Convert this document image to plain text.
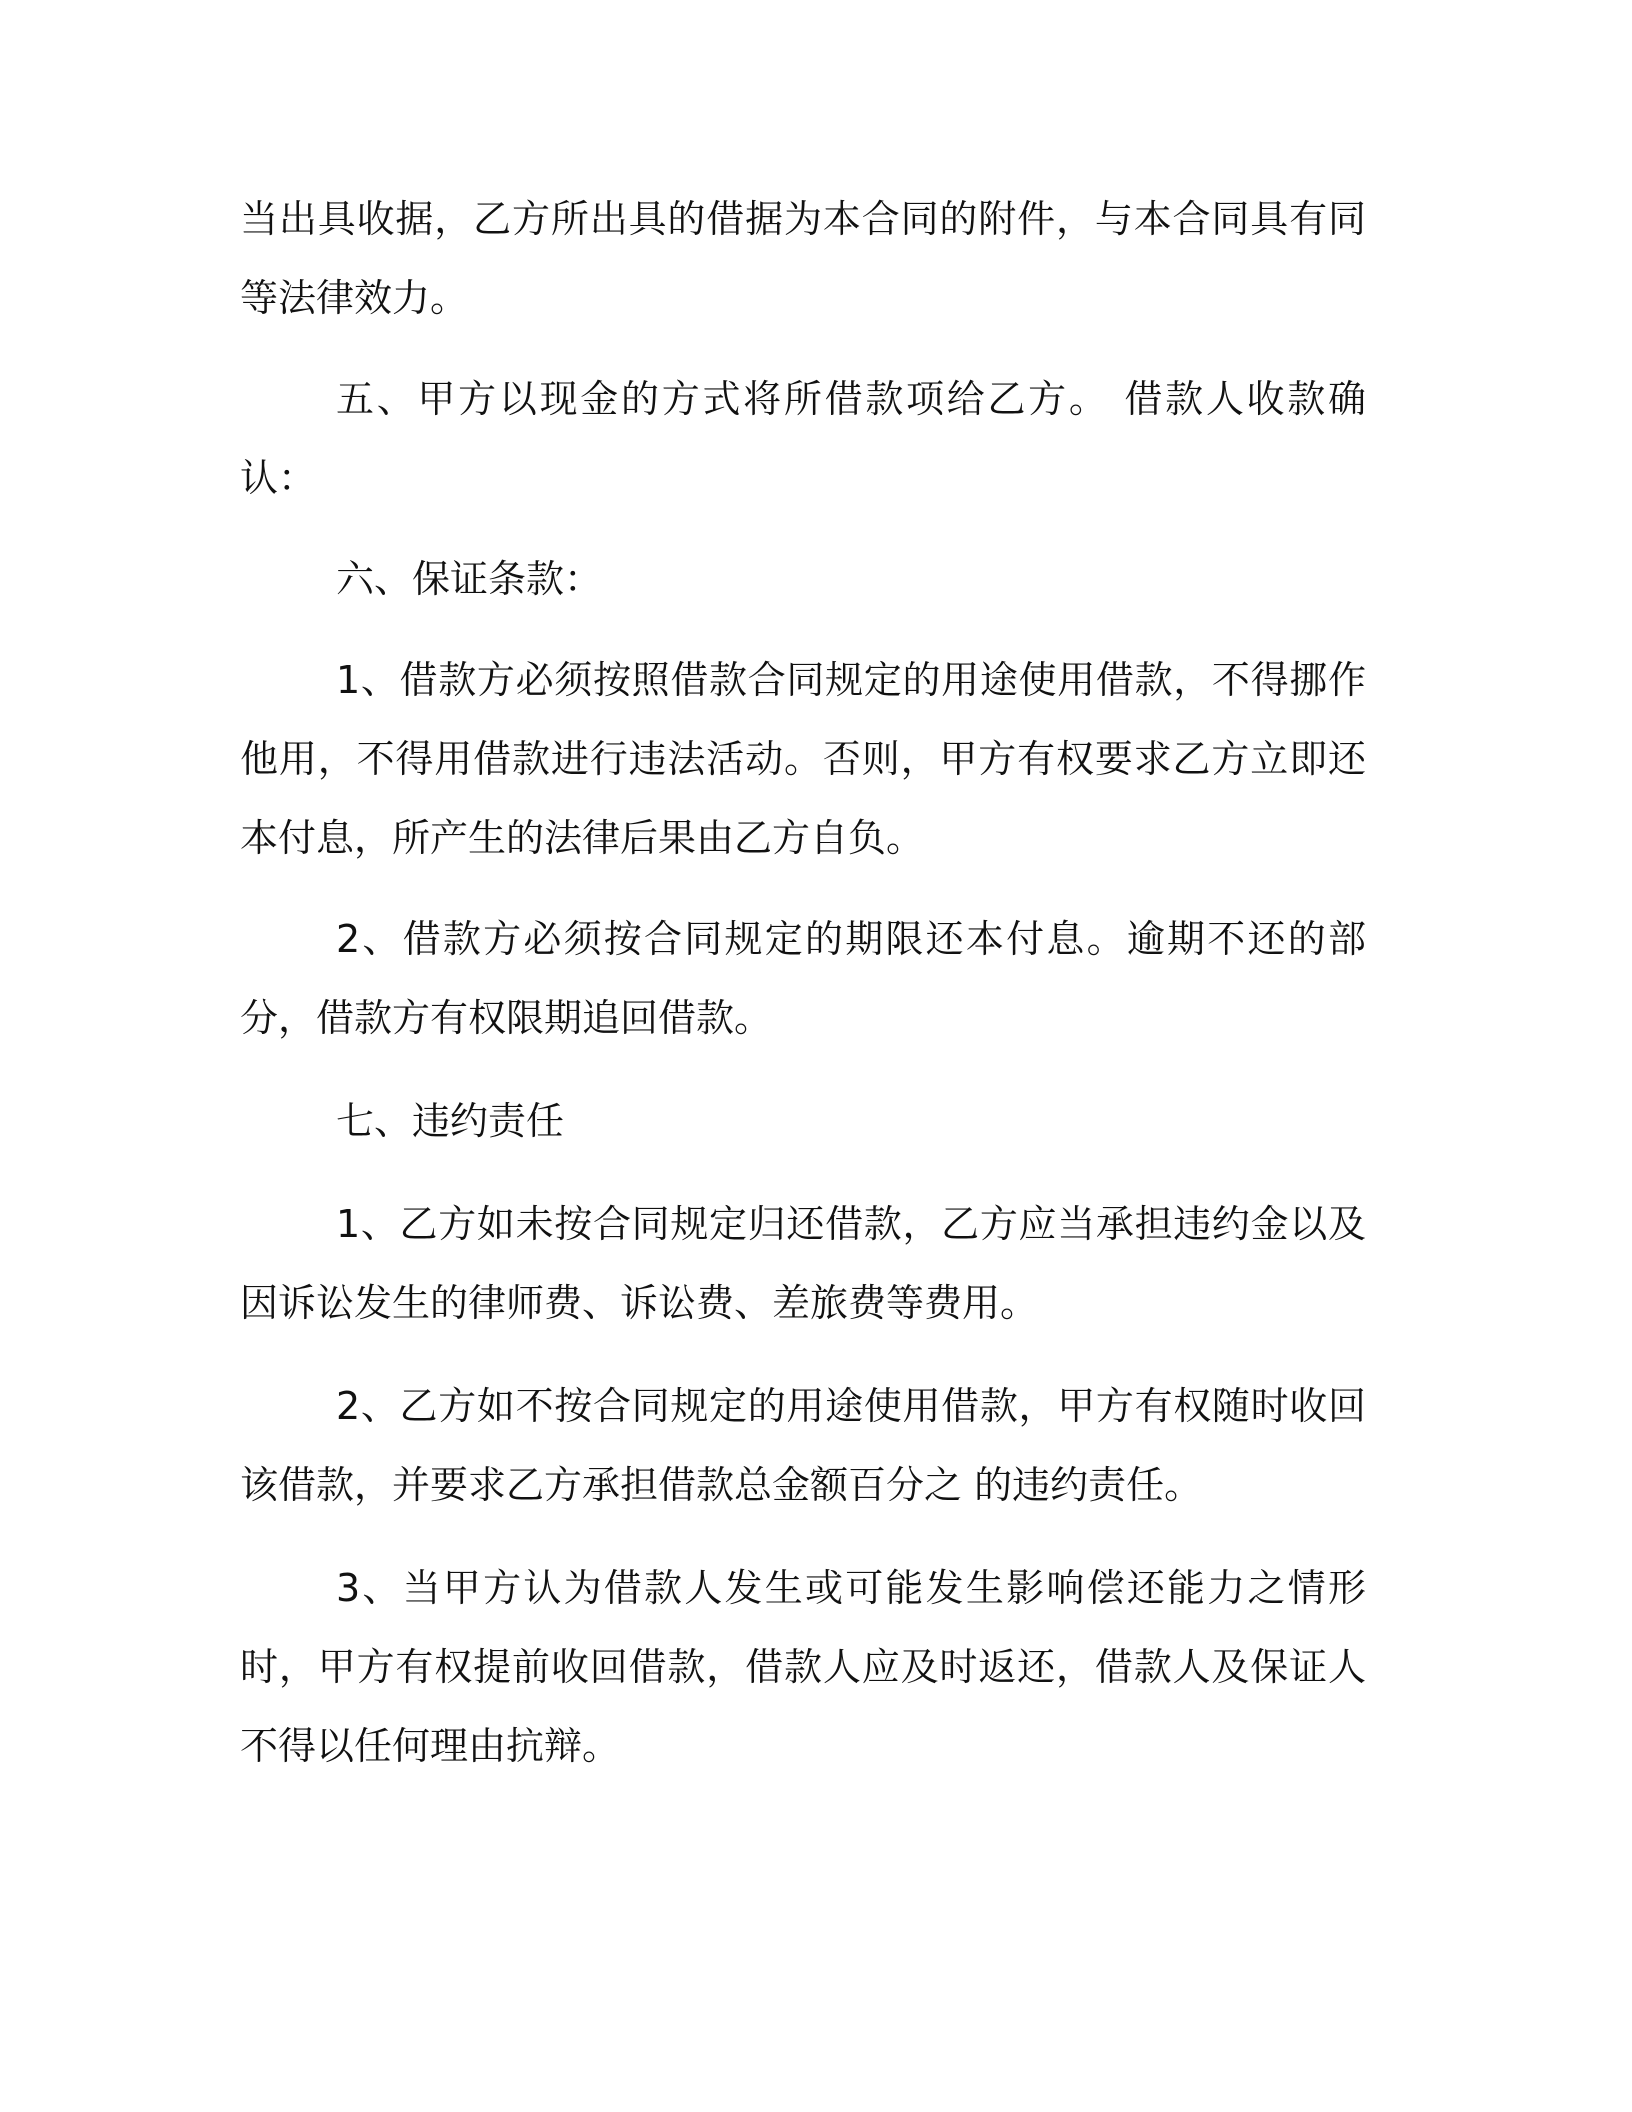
当出具收据，乙方所出具的借据为本合同的附件，与本合同具有同等法律效力。

五、甲方以现金的方式将所借款项给乙方。 借款人收款确认：

六、保证条款：

1、借款方必须按照借款合同规定的用途使用借款，不得挪作他用，不得用借款进行违法活动。否则，甲方有权要求乙方立即还本付息，所产生的法律后果由乙方自负。

2、借款方必须按合同规定的期限还本付息。逾期不还的部分，借款方有权限期追回借款。

七、违约责任

1、乙方如未按合同规定归还借款，乙方应当承担违约金以及因诉讼发生的律师费、诉讼费、差旅费等费用。

2、乙方如不按合同规定的用途使用借款，甲方有权随时收回该借款，并要求乙方承担借款总金额百分之 的违约责任。

3、当甲方认为借款人发生或可能发生影响偿还能力之情形时，甲方有权提前收回借款，借款人应及时返还，借款人及保证人不得以任何理由抗辩。
